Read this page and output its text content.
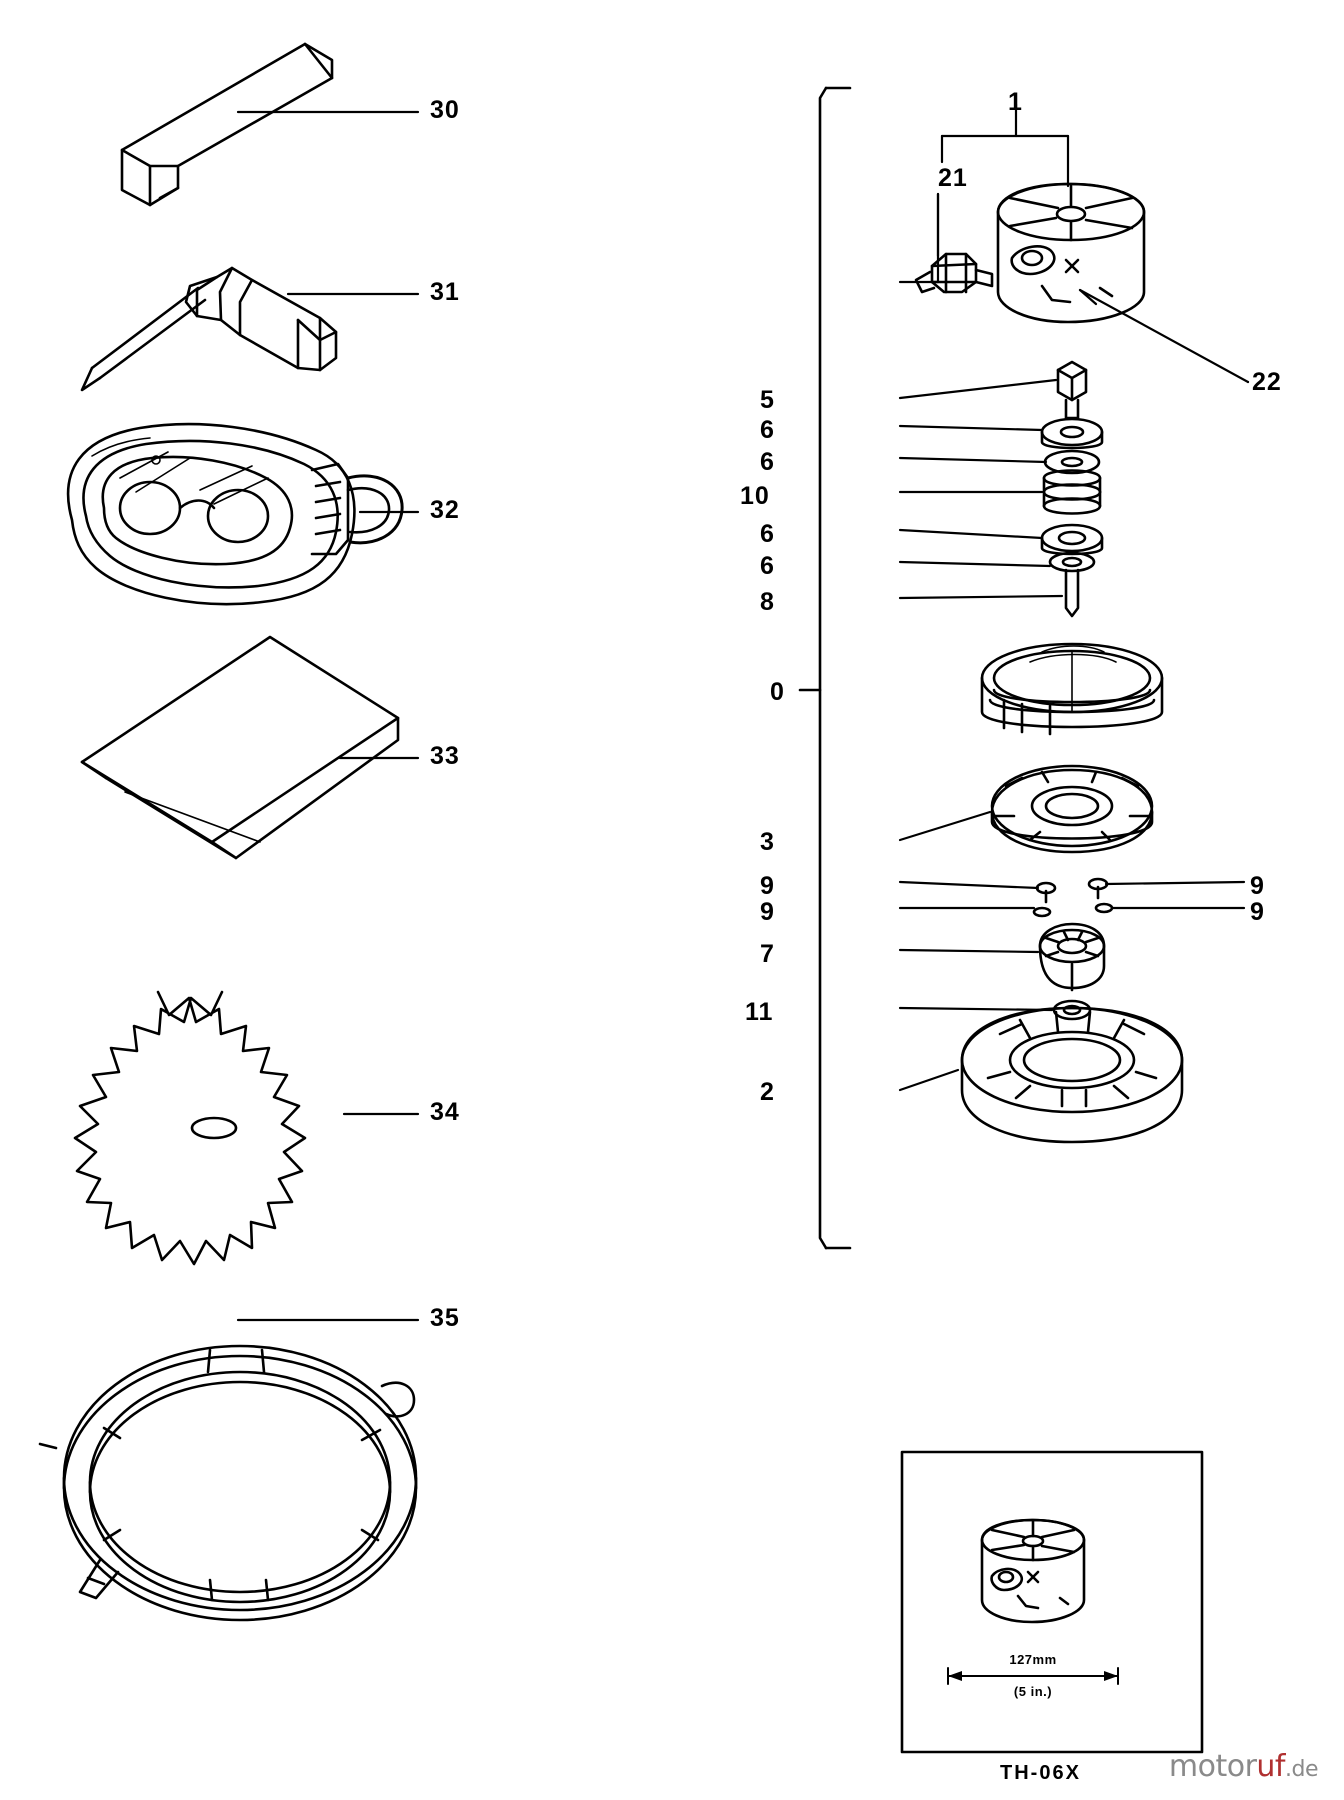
30
31
32
33
34
35
1
21
22
5
6
6
10
6
6
8
3
9
9
9
9
7
11
2
0
127mm
(5 in.)
TH-06X	motoruf.de
